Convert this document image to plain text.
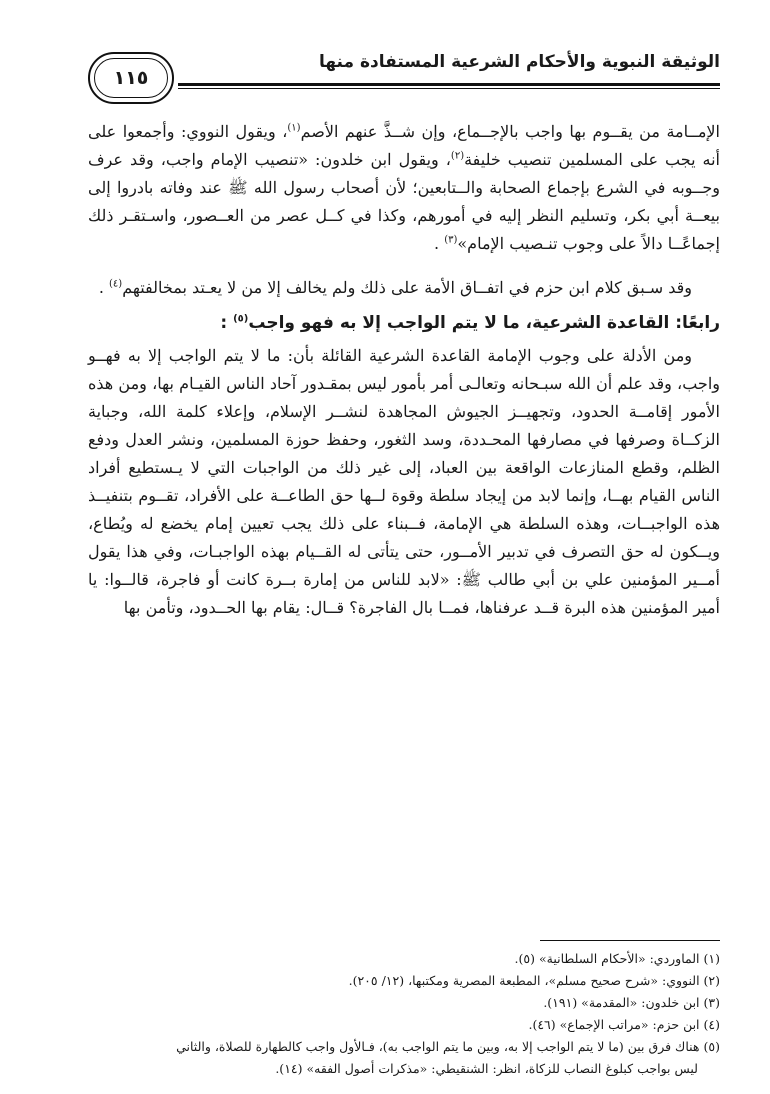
١١٥
الوثيقة النبوية والأحكام الشرعية المستفادة منها

الإمــامة من يقــوم بها واجب بالإجــماع، وإن شــذَّ عنهم الأصم$^{(١)}$، ويقول النووي: وأجمعوا على أنه يجب على المسلمين تنصيب خليفة$^{(٢)}$، ويقول ابن خلدون: «تنصيب الإمام واجب، وقد عرف وجــوبه في الشرع بإجماع الصحابة والــتابعين؛ لأن أصحاب رسول الله ﷺ عند وفاته بادروا إلى بيعــة أبي بكر، وتسليم النظر إليه في أمورهم، وكذا في كــل عصر من العــصور، واسـتقـر ذلك إجماعًــا دالاً على وجوب تنـصيب الإمام»$^{(٣)}$ .

وقد سـبق كلام ابن حزم في اتفــاق الأمة على ذلك ولم يخالف إلا من لا يعـتد بمخالفتهم$^{(٤)}$ .

رابعًا: القاعدة الشرعية، ما لا يتم الواجب إلا به فهو واجب$^{(٥)}$ :

ومن الأدلة على وجوب الإمامة القاعدة الشرعية القائلة بأن: ما لا يتم الواجب إلا به فهــو واجب، وقد علم أن الله سبـحانه وتعالـى أمر بأمور ليس بمقـدور آحاد الناس القيـام بها، ومن هذه الأمور إقامــة الحدود، وتجهيــز الجيوش المجاهدة لنشــر الإسلام، وإعلاء كلمة الله، وجباية الزكــاة وصرفها في مصارفها المحـددة، وسد الثغور، وحفظ حوزة المسلمين، ونشر العدل ودفع الظلم، وقطع المنازعات الواقعة بين العباد، إلى غير ذلك من الواجبات التي لا يـستطيع أفراد الناس القيام بهــا، وإنما لابد من إيجاد سلطة وقوة لــها حق الطاعــة على الأفراد، تقــوم بتنفيــذ هذه الواجبــات، وهذه السلطة هي الإمامة، فــبناء على ذلك يجب تعيين إمام يخضع له ويُطاع، ويــكون له حق التصرف في تدبير الأمــور، حتى يتأتى له القــيام بهذه الواجبـات، وفي هذا يقول أمــير المؤمنين علي بن أبي طالب ﷺ: «لابد للناس من إمارة بــرة كانت أو فاجرة، قالــوا: يا أمير المؤمنين هذه البرة قــد عرفناها، فمــا بال الفاجرة؟ قــال: يقام بها الحــدود، وتأمن بها

(١) الماوردي: «الأحكام السلطانية» (٥).

(٢) النووي: «شرح صحيح مسلم»، المطبعة المصرية ومكتبها، (١٢/ ٢٠٥).

(٣) ابن خلدون: «المقدمة» (١٩١).

(٤) ابن حزم: «مراتب الإجماع» (٤٦).

(٥) هناك فرق بين (ما لا يتم الواجب إلا به، وبين ما يتم الواجب به)، فـالأول واجب كالطهارة للصلاة، والثاني
ليس بواجب كبلوغ النصاب للزكاة، انظر: الشنقيطي: «مذكرات أصول الفقه» (١٤).
